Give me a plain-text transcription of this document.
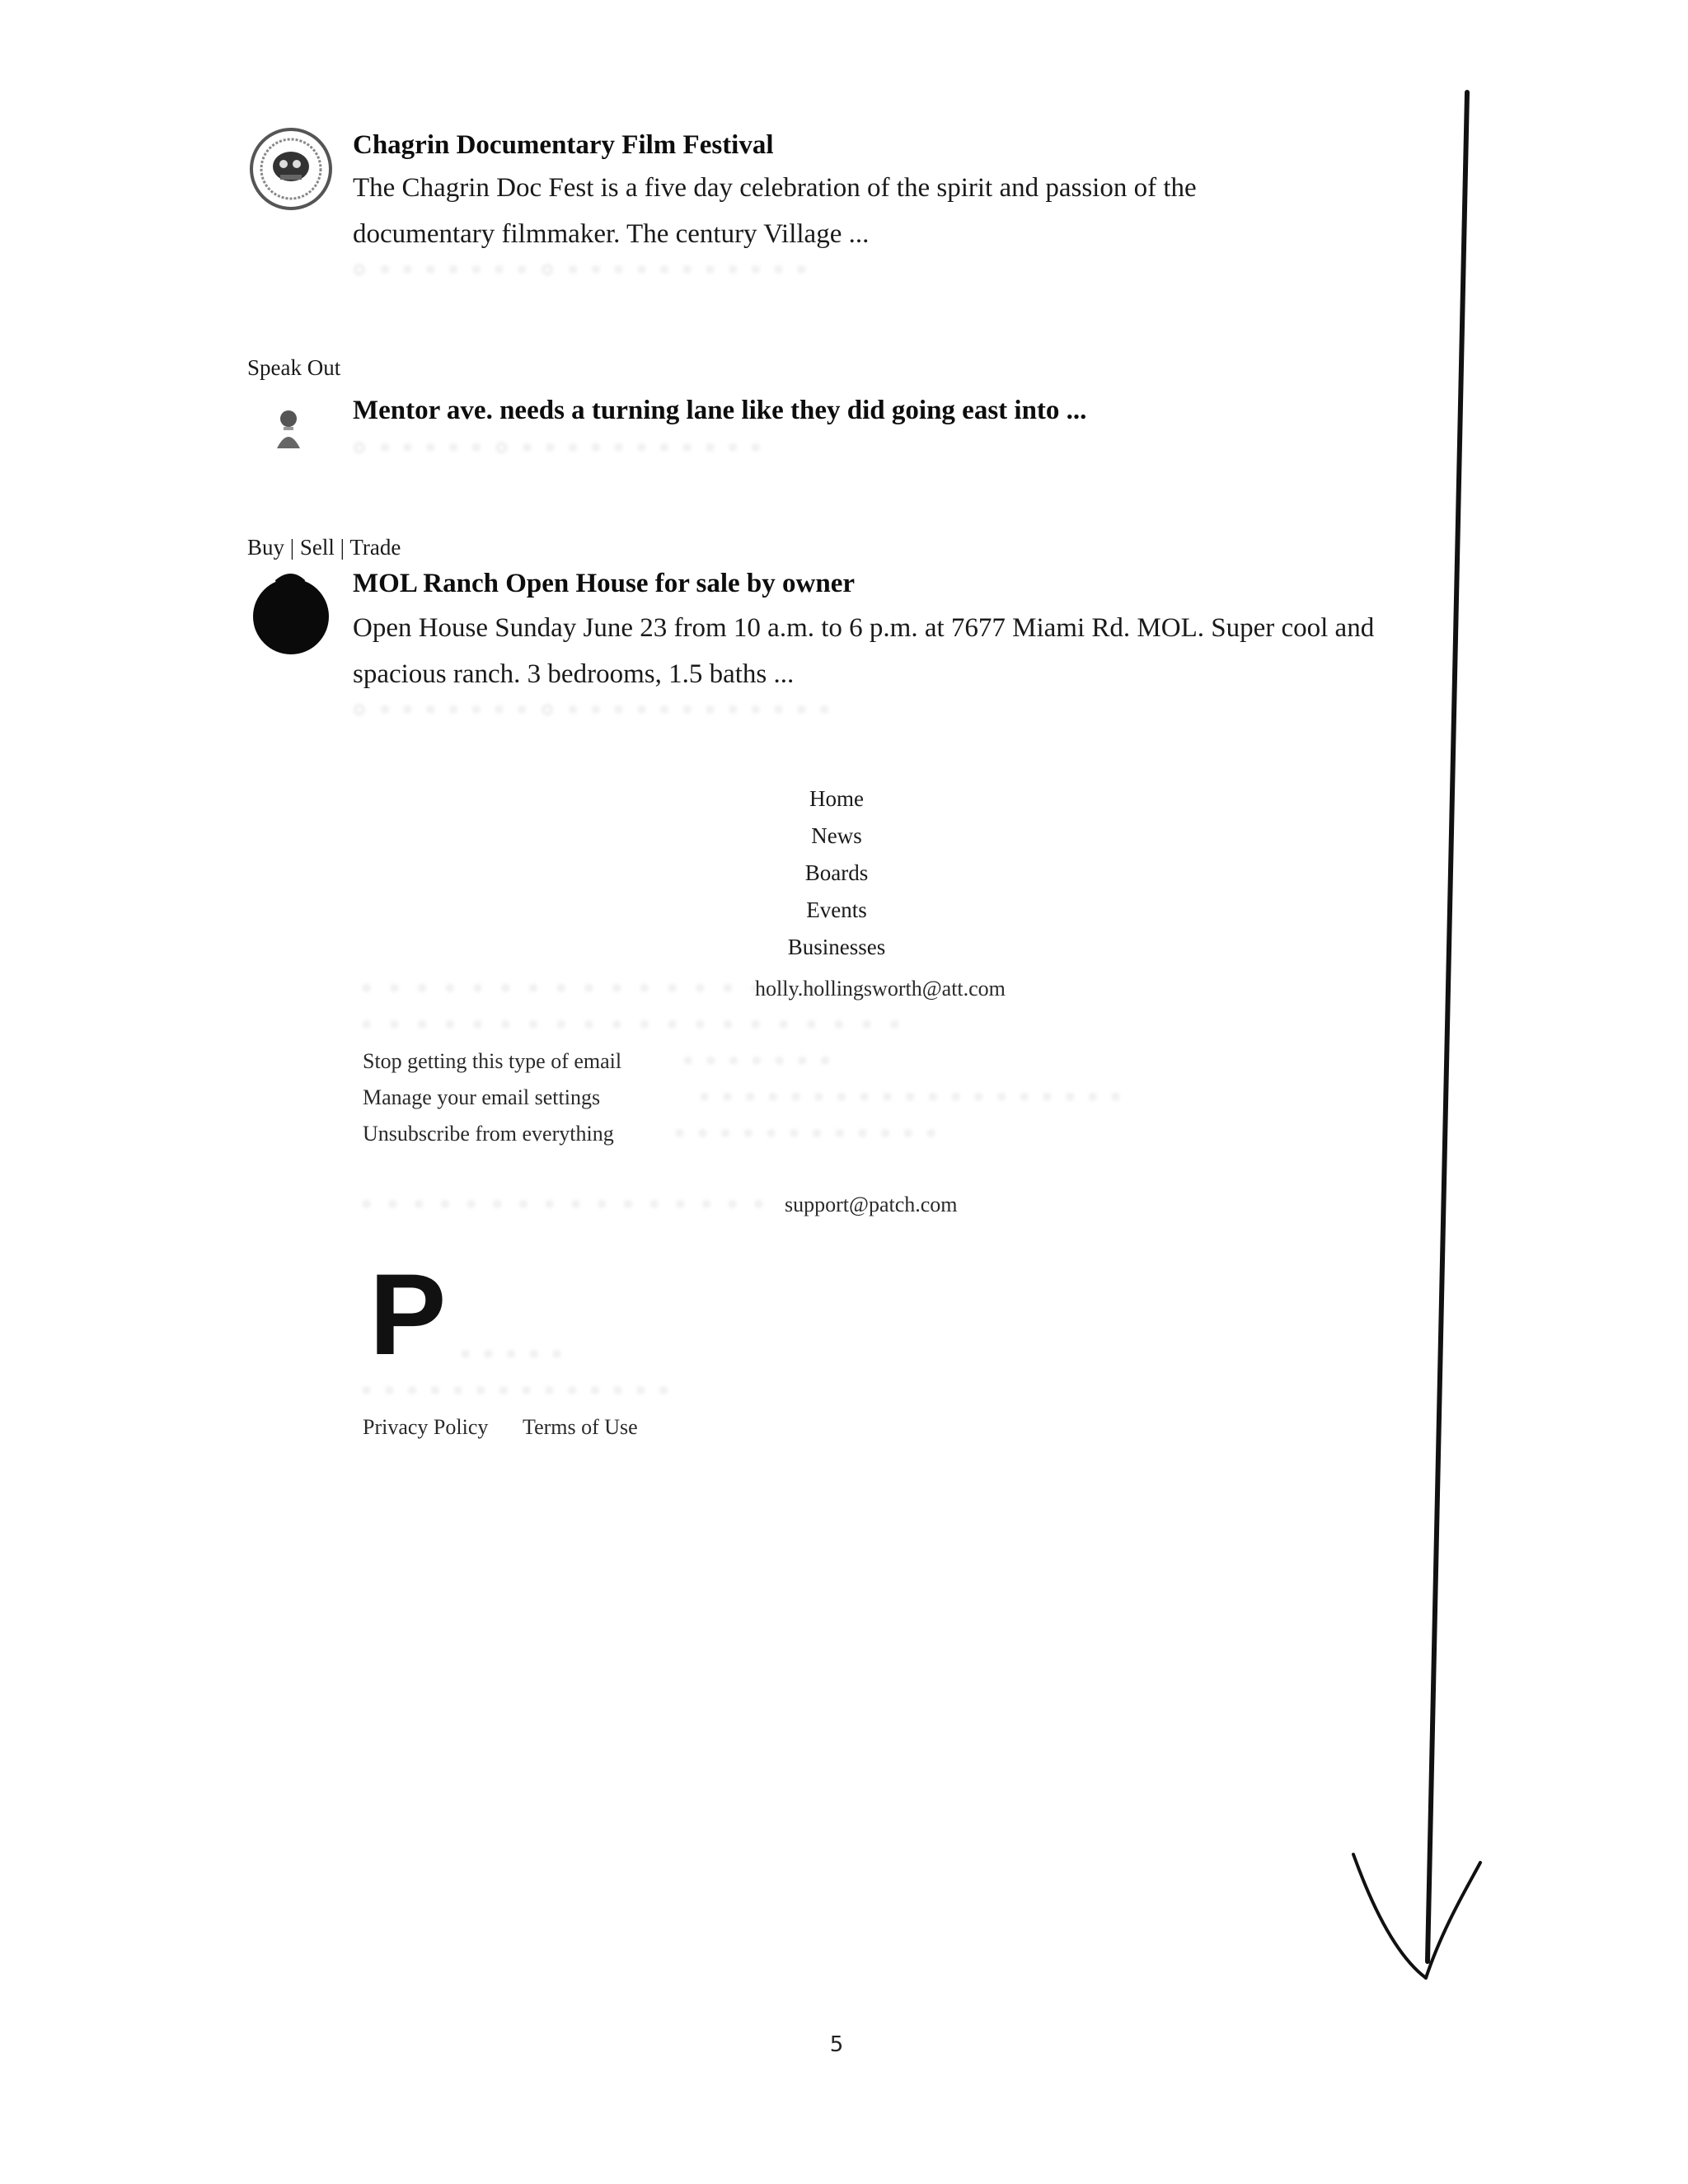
Chagrin Documentary Film Festival
The Chagrin Doc Fest is a five day celebration of the spirit and passion of the documentary filmmaker. The century Village ...
○ ▫ ▫ ▫ ▫ ▫ ▫ ▫ ○ ▫ ▫ ▫ ▫ ▫ ▫ ▫ ▫ ▫ ▫ ▫
Speak Out
Mentor ave. needs a turning lane like they did going east into ...
○ ▫ ▫ ▫ ▫ ▫ ○ ▫ ▫ ▫ ▫ ▫ ▫ ▫ ▫ ▫ ▫ ▫
Buy | Sell | Trade
MOL Ranch Open House for sale by owner
Open House Sunday June 23 from 10 a.m. to 6 p.m. at 7677 Miami Rd. MOL. Super cool and spacious ranch. 3 bedrooms, 1.5 baths ...
○ ▫ ▫ ▫ ▫ ▫ ▫ ▫ ○ ▫ ▫ ▫ ▫ ▫ ▫ ▫ ▫ ▫ ▫ ▫ ▫
Home
News
Boards
Events
Businesses
▫ ▫ ▫ ▫ ▫ ▫ ▫ ▫ ▫ ▫ ▫ ▫ ▫ ▫ ▫ ▫ ▫
holly.hollingsworth@att.com
▫ ▫ ▫ ▫ ▫ ▫ ▫ ▫ ▫ ▫ ▫ ▫ ▫ ▫ ▫ ▫ ▫ ▫ ▫ ▫
Stop getting this type of email	▫ ▫ ▫ ▫ ▫ ▫ ▫
Manage your email settings	▫ ▫ ▫ ▫ ▫ ▫ ▫ ▫ ▫ ▫ ▫ ▫ ▫ ▫ ▫ ▫ ▫ ▫ ▫
Unsubscribe from everything	▫ ▫ ▫ ▫ ▫ ▫ ▫ ▫ ▫ ▫ ▫ ▫
▫ ▫ ▫ ▫ ▫ ▫ ▫ ▫ ▫ ▫ ▫ ▫ ▫ ▫ ▫ ▫ support@patch.com
P ▫ ▫ ▫ ▫ ▫
▫ ▫ ▫ ▫ ▫ ▫ ▫ ▫ ▫ ▫ ▫ ▫ ▫ ▫
Privacy Policy Terms of Use
5
